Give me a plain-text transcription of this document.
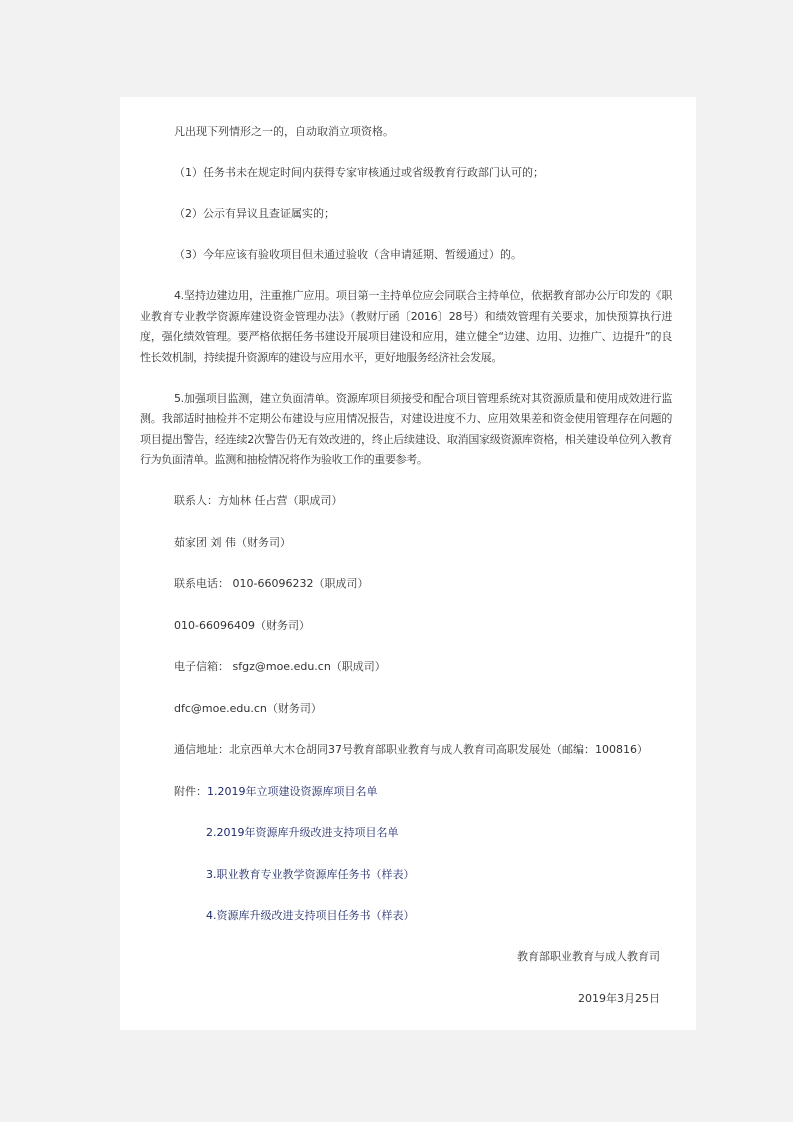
凡出现下列情形之一的，自动取消立项资格。

（1）任务书未在规定时间内获得专家审核通过或省级教育行政部门认可的；

（2）公示有异议且查证属实的；

（3）今年应该有验收项目但未通过验收（含申请延期、暂缓通过）的。

4.坚持边建边用，注重推广应用。项目第一主持单位应会同联合主持单位，依据教育部办公厅印发的《职业教育专业教学资源库建设资金管理办法》（教财厅函〔2016〕28号）和绩效管理有关要求，加快预算执行进度，强化绩效管理。要严格依据任务书建设开展项目建设和应用，建立健全“边建、边用、边推广、边提升”的良性长效机制，持续提升资源库的建设与应用水平，更好地服务经济社会发展。

5.加强项目监测，建立负面清单。资源库项目须接受和配合项目管理系统对其资源质量和使用成效进行监测。我部适时抽检并不定期公布建设与应用情况报告，对建设进度不力、应用效果差和资金使用管理存在问题的项目提出警告，经连续2次警告仍无有效改进的，终止后续建设、取消国家级资源库资格，相关建设单位列入教育行为负面清单。监测和抽检情况将作为验收工作的重要参考。

联系人：方灿林 任占营（职成司）

茹家团 刘 伟（财务司）

联系电话： 010-66096232（职成司）

010-66096409（财务司）

电子信箱： sfgz@moe.edu.cn（职成司）

dfc@moe.edu.cn（财务司）

通信地址：北京西单大木仓胡同37号教育部职业教育与成人教育司高职发展处（邮编：100816）

附件：1.2019年立项建设资源库项目名单

2.2019年资源库升级改进支持项目名单

3.职业教育专业教学资源库任务书（样表）

4.资源库升级改进支持项目任务书（样表）

教育部职业教育与成人教育司

2019年3月25日
